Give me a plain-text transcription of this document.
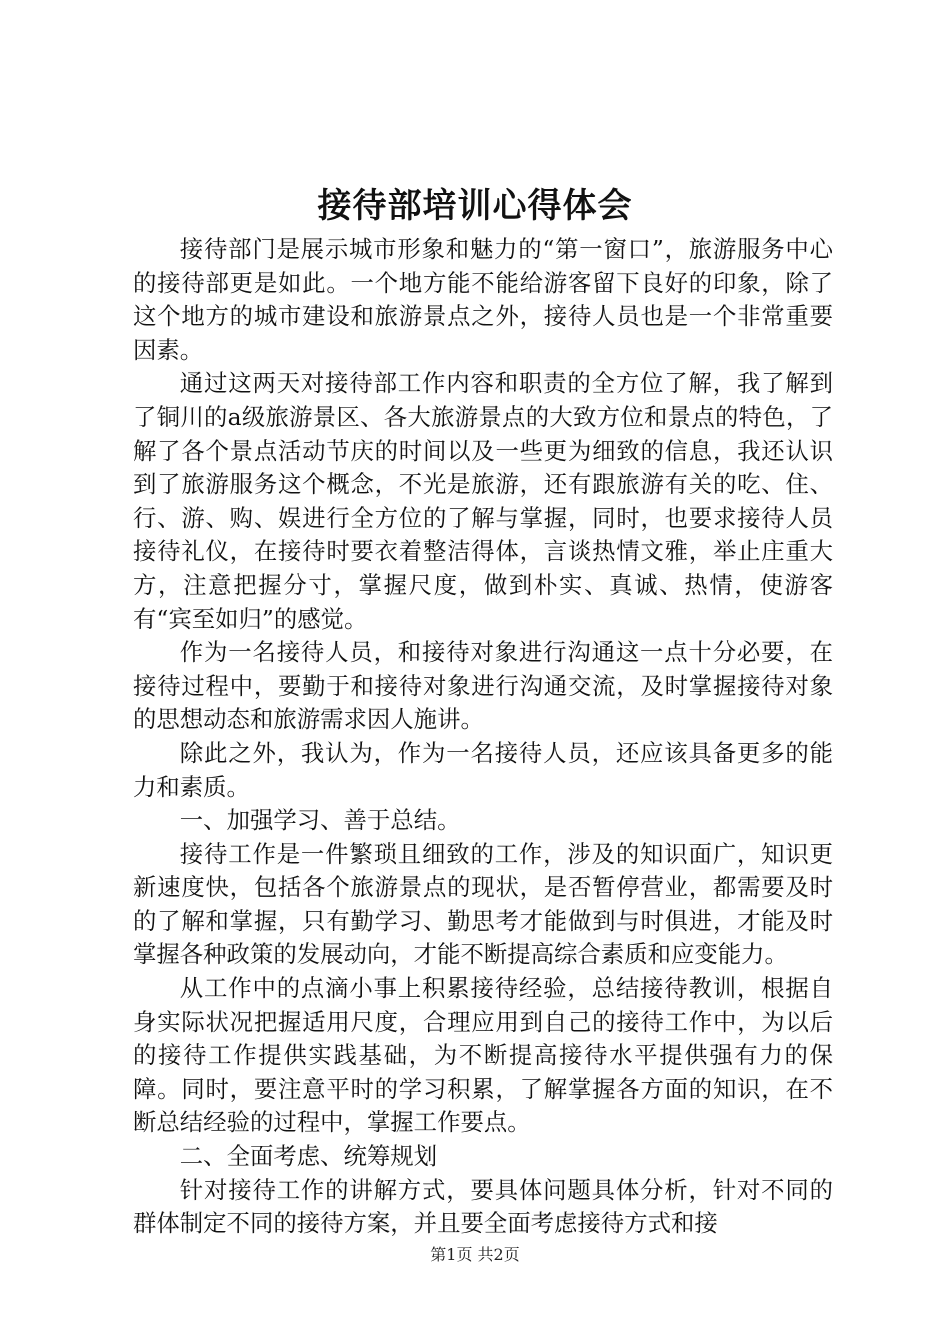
接待部培训心得体会

接待部门是展示城市形象和魅力的“第一窗口”，旅游服务中心的接待部更是如此。一个地方能不能给游客留下良好的印象，除了这个地方的城市建设和旅游景点之外，接待人员也是一个非常重要因素。

通过这两天对接待部工作内容和职责的全方位了解，我了解到了铜川的a级旅游景区、各大旅游景点的大致方位和景点的特色，了解了各个景点活动节庆的时间以及一些更为细致的信息，我还认识到了旅游服务这个概念，不光是旅游，还有跟旅游有关的吃、住、行、游、购、娱进行全方位的了解与掌握，同时，也要求接待人员接待礼仪，在接待时要衣着整洁得体，言谈热情文雅，举止庄重大方，注意把握分寸，掌握尺度，做到朴实、真诚、热情，使游客有“宾至如归”的感觉。

作为一名接待人员，和接待对象进行沟通这一点十分必要，在接待过程中，要勤于和接待对象进行沟通交流，及时掌握接待对象的思想动态和旅游需求因人施讲。

除此之外，我认为，作为一名接待人员，还应该具备更多的能力和素质。

一、加强学习、善于总结。

接待工作是一件繁琐且细致的工作，涉及的知识面广，知识更新速度快，包括各个旅游景点的现状，是否暂停营业，都需要及时的了解和掌握，只有勤学习、勤思考才能做到与时俱进，才能及时掌握各种政策的发展动向，才能不断提高综合素质和应变能力。

从工作中的点滴小事上积累接待经验，总结接待教训，根据自身实际状况把握适用尺度，合理应用到自己的接待工作中，为以后的接待工作提供实践基础，为不断提高接待水平提供强有力的保障。同时，要注意平时的学习积累，了解掌握各方面的知识，在不断总结经验的过程中，掌握工作要点。

二、全面考虑、统筹规划

针对接待工作的讲解方式，要具体问题具体分析，针对不同的群体制定不同的接待方案，并且要全面考虑接待方式和接

第1页 共2页
